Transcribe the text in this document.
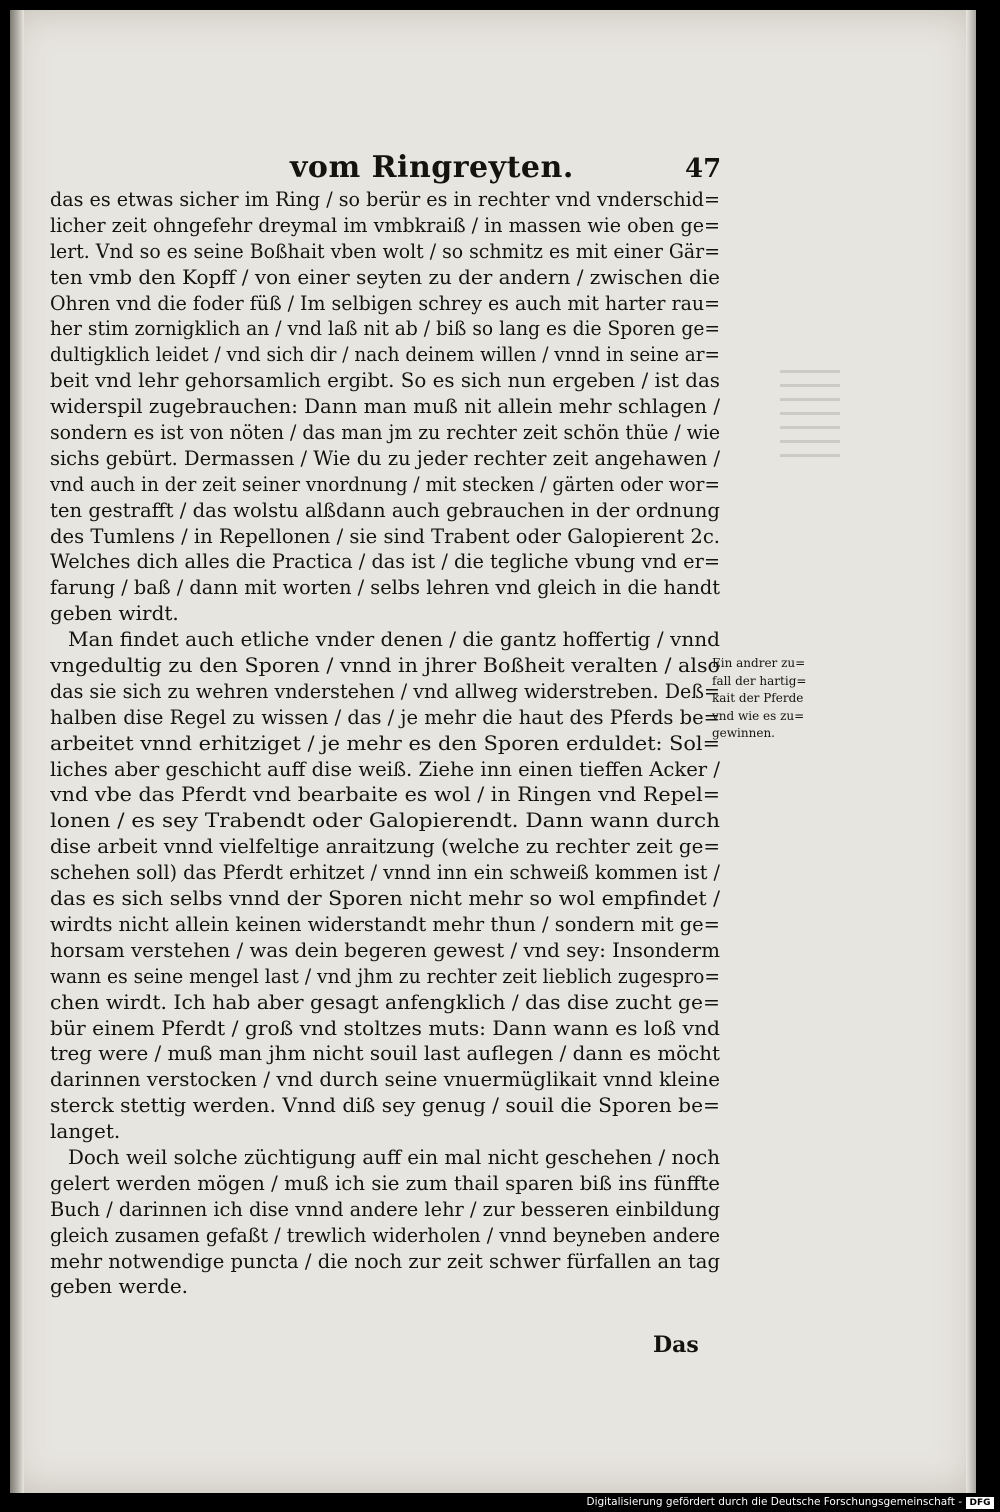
vom Ringreyten.	47
das es etwas sicher im Ring / so berür es in rechter vnd vnderschid=
licher zeit ohngefehr dreymal im vmbkraiß / in massen wie oben ge=
lert. Vnd so es seine Boßhait vben wolt / so schmitz es mit einer Gär=
ten vmb den Kopff / von einer seyten zu der andern / zwischen die
Ohren vnd die foder füß / Im selbigen schrey es auch mit harter rau=
her stim zornigklich an / vnd laß nit ab / biß so lang es die Sporen ge=
dultigklich leidet / vnd sich dir / nach deinem willen / vnnd in seine ar=
beit vnd lehr gehorsamlich ergibt. So es sich nun ergeben / ist das
widerspil zugebrauchen: Dann man muß nit allein mehr schlagen /
sondern es ist von nöten / das man jm zu rechter zeit schön thüe / wie
sichs gebürt. Dermassen / Wie du zu jeder rechter zeit angehawen /
vnd auch in der zeit seiner vnordnung / mit stecken / gärten oder wor=
ten gestrafft / das wolstu alßdann auch gebrauchen in der ordnung
des Tumlens / in Repellonen / sie sind Trabent oder Galopierent 2c.
Welches dich alles die Practica / das ist / die tegliche vbung vnd er=
farung / baß / dann mit worten / selbs lehren vnd gleich in die handt
geben wirdt.
Man findet auch etliche vnder denen / die gantz hoffertig / vnnd
vngedultig zu den Sporen / vnnd in jhrer Boßheit veralten / also
das sie sich zu wehren vnderstehen / vnd allweg widerstreben. Deß=
halben dise Regel zu wissen / das / je mehr die haut des Pferds be=
arbeitet vnnd erhitziget / je mehr es den Sporen erduldet: Sol=
liches aber geschicht auff dise weiß. Ziehe inn einen tieffen Acker /
vnd vbe das Pferdt vnd bearbaite es wol / in Ringen vnd Repel=
lonen / es sey Trabendt oder Galopierendt. Dann wann durch
dise arbeit vnnd vielfeltige anraitzung (welche zu rechter zeit ge=
schehen soll) das Pferdt erhitzet / vnnd inn ein schweiß kommen ist /
das es sich selbs vnnd der Sporen nicht mehr so wol empfindet /
wirdts nicht allein keinen widerstandt mehr thun / sondern mit ge=
horsam verstehen / was dein begeren gewest / vnd sey: Insonderm
wann es seine mengel last / vnd jhm zu rechter zeit lieblich zugespro=
chen wirdt. Ich hab aber gesagt anfengklich / das dise zucht ge=
bür einem Pferdt / groß vnd stoltzes muts: Dann wann es loß vnd
treg were / muß man jhm nicht souil last auflegen / dann es möcht
darinnen verstocken / vnd durch seine vnuermüglikait vnnd kleine
sterck stettig werden. Vnnd diß sey genug / souil die Sporen be=
langet.
Doch weil solche züchtigung auff ein mal nicht geschehen / noch
gelert werden mögen / muß ich sie zum thail sparen biß ins fünffte
Buch / darinnen ich dise vnnd andere lehr / zur besseren einbildung
gleich zusamen gefaßt / trewlich widerholen / vnnd beyneben andere
mehr notwendige puncta / die noch zur zeit schwer fürfallen an tag
geben werde.
Ein andrer zu=
fall der hartig=
kait der Pferde
vnd wie es zu=
gewinnen.
Das
Digitalisierung gefördert durch die Deutsche Forschungsgemeinschaft - DFG
